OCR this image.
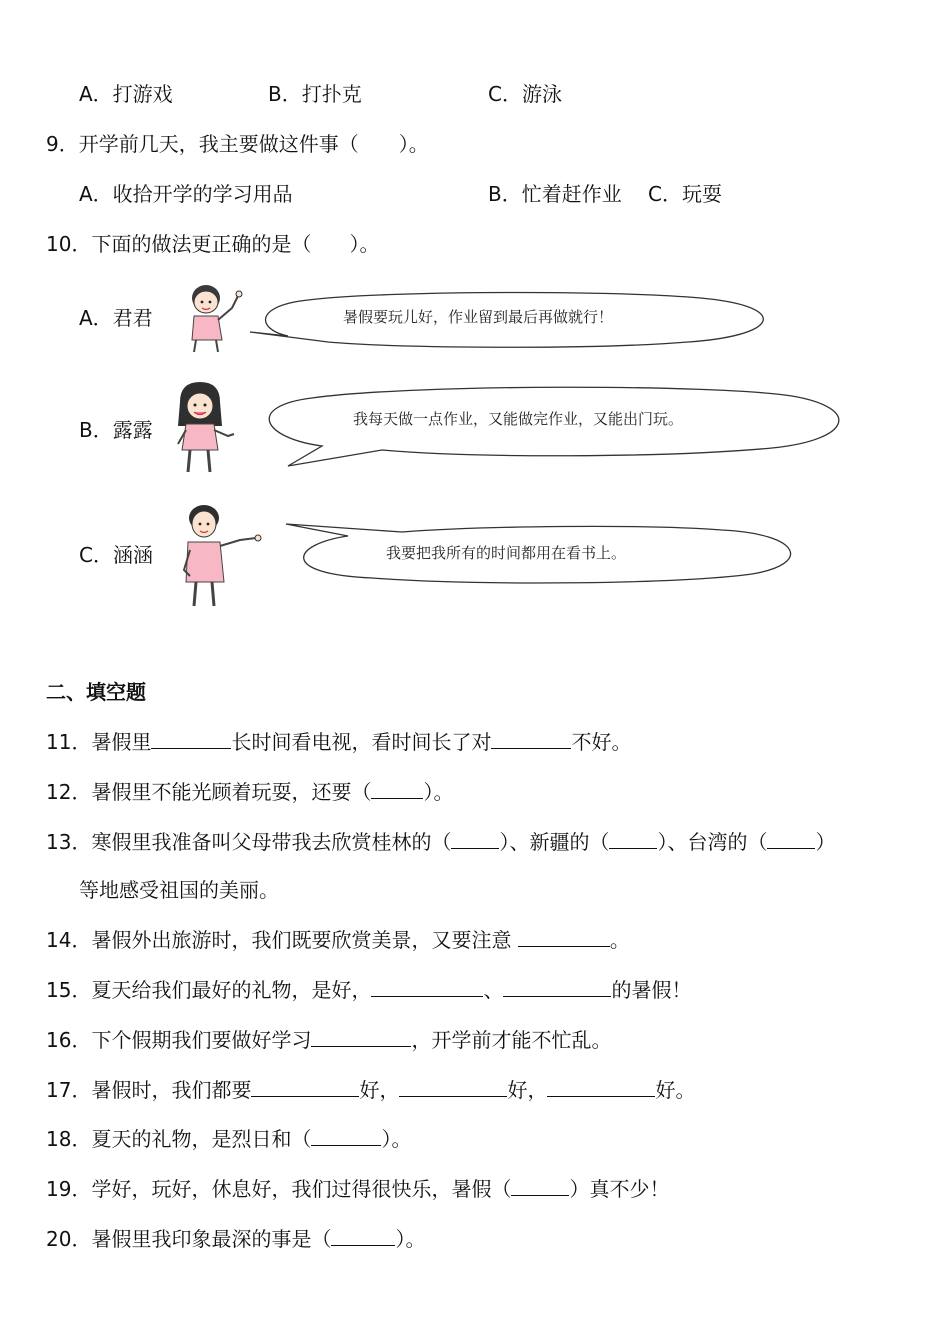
A．打游戏	B．打扑克	C．游泳
9．开学前几天，我主要做这件事（ ）。
A．收拾开学的学习用品	B．忙着赶作业 C．玩耍
10．下面的做法更正确的是（ ）。
A．君君	暑假要玩儿好，作业留到最后再做就行！
B．露露	我每天做一点作业，又能做完作业，又能出门玩。
C．涵涵	我要把我所有的时间都用在看书上。
二、填空题
11．暑假里	长时间看电视，看时间长了对	不好。
12．暑假里不能光顾着玩耍，还要（	）。
13．寒假里我准备叫父母带我去欣赏桂林的（ ）、新疆的（ ）、台湾的（ ）
等地感受祖国的美丽。
14．暑假外出旅游时，我们既要欣赏美景，又要注意	。
15．夏天给我们最好的礼物，是好，	、	的暑假！
16．下个假期我们要做好学习	，开学前才能不忙乱。
17．暑假时，我们都要	好，	好，	好。
18．夏天的礼物，是烈日和（	）。
19．学好，玩好，休息好，我们过得很快乐，暑假（	）真不少！
20．暑假里我印象最深的事是（	）。
